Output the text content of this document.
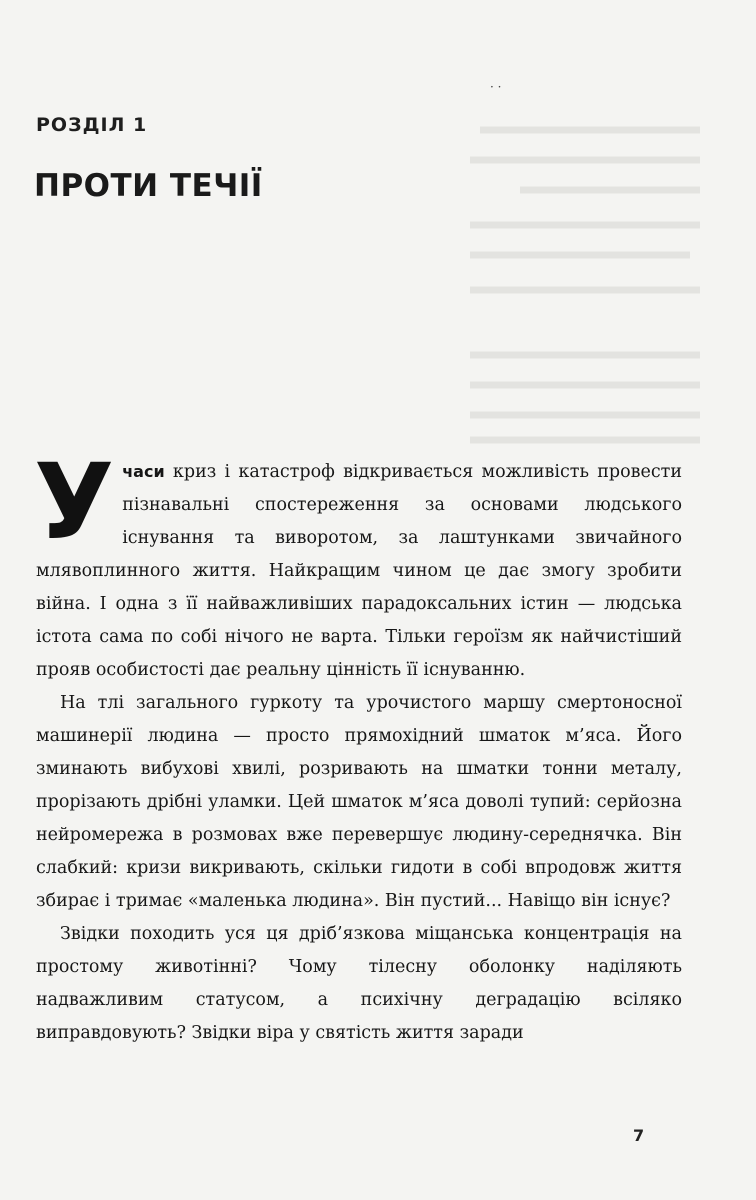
· ·
РОЗДІЛ 1
ПРОТИ ТЕЧІЇ

Учаси криз і катастроф відкривається можливість провести пізнавальні спостереження за основами людського існування та виворотом, за лаштунками звичайного млявоплинного життя. Найкращим чином це дає змогу зробити війна. І одна з її найважливіших парадоксальних істин — людська істота сама по собі нічого не варта. Тільки героїзм як найчистіший прояв особистості дає реальну цінність її існуванню.

На тлі загального гуркоту та урочистого маршу смертоносної машинерії людина — просто прямохідний шматок м’яса. Його зминають вибухові хвилі, розривають на шматки тонни металу, прорізають дрібні уламки. Цей шматок м’яса доволі тупий: серйозна нейромережа в розмовах вже перевершує людину-середнячка. Він слабкий: кризи викривають, скільки гидоти в собі впродовж життя збирає і тримає «маленька людина». Він пустий... Навіщо він існує?

Звідки походить уся ця дріб’язкова міщанська концентрація на простому животінні? Чому тілесну оболонку наділяють надважливим статусом, а психічну деградацію всіляко виправдовують? Звідки віра у святість життя заради

7
